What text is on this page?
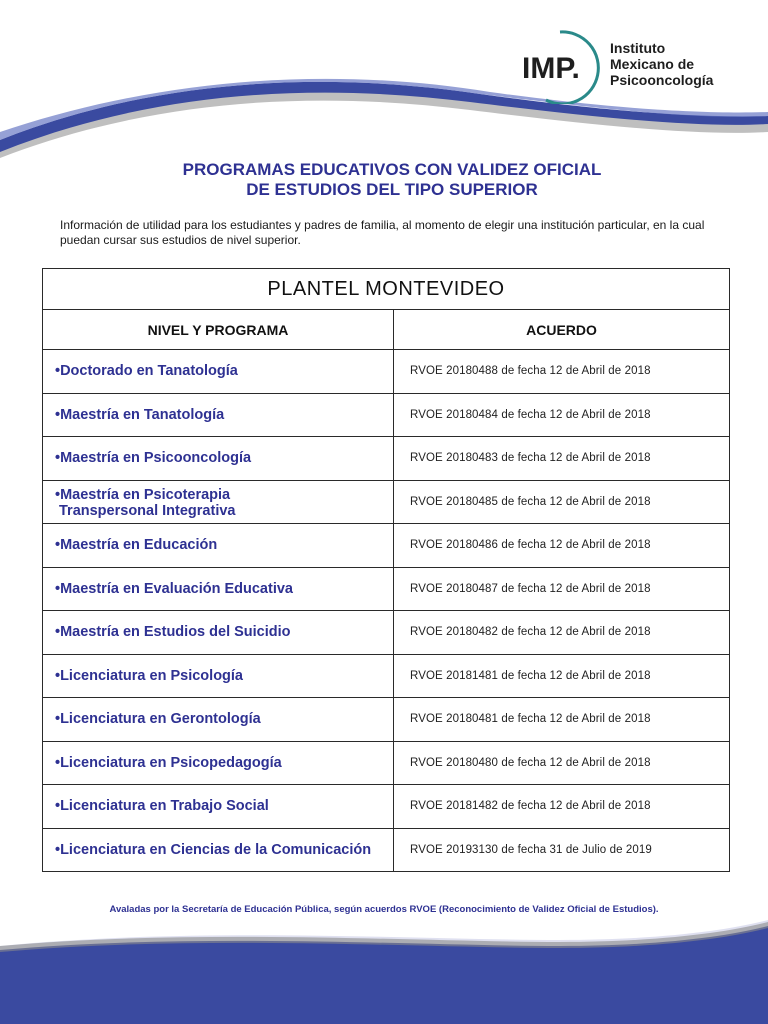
IMP.
Instituto
Mexicano de
Psicooncología
PROGRAMAS EDUCATIVOS CON VALIDEZ OFICIAL
DE ESTUDIOS DEL TIPO SUPERIOR

Información de utilidad para los estudiantes y padres de familia, al momento de elegir una institución particular, en la cual puedan cursar sus estudios de nivel superior.

PLANTEL MONTEVIDEO	
NIVEL Y PROGRAMA	ACUERDO
•Doctorado en Tanatología	RVOE 20180488 de fecha 12 de Abril de 2018
•Maestría en Tanatología	RVOE 20180484 de fecha 12 de Abril de 2018
•Maestría en Psicooncología	RVOE 20180483 de fecha 12 de Abril de 2018

•Maestría en Psicoterapia
Transpersonal Integrativa	RVOE 20180485 de fecha 12 de Abril de 2018
•Maestría en Educación	RVOE 20180486 de fecha 12 de Abril de 2018
•Maestría en Evaluación Educativa	RVOE 20180487 de fecha 12 de Abril de 2018
•Maestría en Estudios del Suicidio	RVOE 20180482 de fecha 12 de Abril de 2018
•Licenciatura en Psicología	RVOE 20181481 de fecha 12 de Abril de 2018
•Licenciatura en Gerontología	RVOE 20180481 de fecha 12 de Abril de 2018
•Licenciatura en Psicopedagogía	RVOE 20180480 de fecha 12 de Abril de 2018
•Licenciatura en Trabajo Social	RVOE 20181482 de fecha 12 de Abril de 2018
•Licenciatura en Ciencias de la Comunicación	RVOE 20193130 de fecha 31 de Julio de 2019

Avaladas por la Secretaría de Educación Pública, según acuerdos RVOE (Reconocimiento de Validez Oficial de Estudios).
